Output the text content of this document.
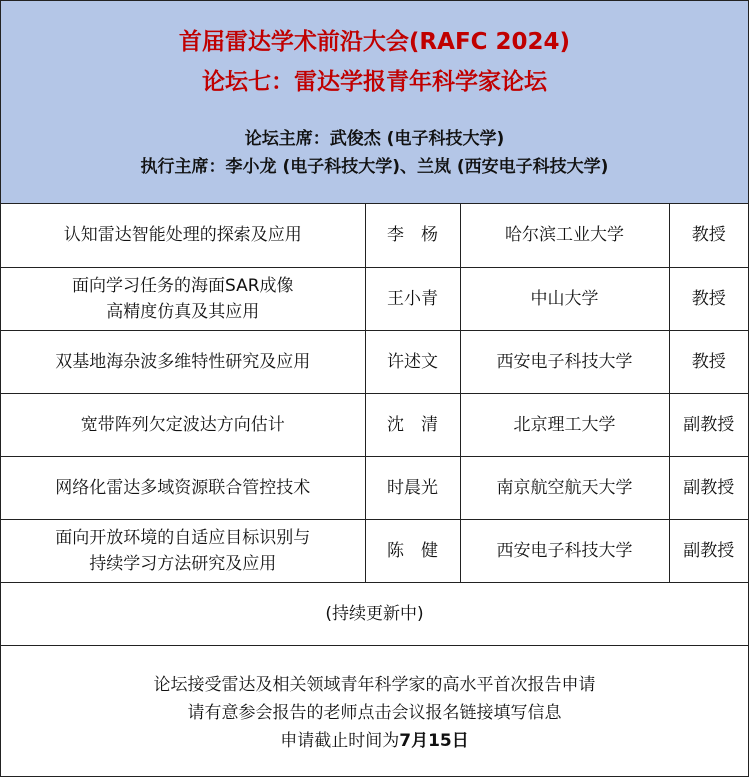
首届雷达学术前沿大会(RAFC 2024)
论坛七：雷达学报青年科学家论坛
论坛主席：武俊杰 (电子科技大学)
执行主席：李小龙 (电子科技大学)、兰岚 (西安电子科技大学)
认知雷达智能处理的探索及应用	李　杨	哈尔滨工业大学	教授

面向学习任务的海面SAR成像
高精度仿真及其应用	王小青	中山大学	教授

双基地海杂波多维特性研究及应用	许述文	西安电子科技大学	教授

宽带阵列欠定波达方向估计	沈　清	北京理工大学	副教授

网络化雷达多域资源联合管控技术	时晨光	南京航空航天大学	副教授

面向开放环境的自适应目标识别与
持续学习方法研究及应用	陈　健	西安电子科技大学	副教授
(持续更新中)
论坛接受雷达及相关领域青年科学家的高水平首次报告申请
请有意参会报告的老师点击会议报名链接填写信息
申请截止时间为7月15日
